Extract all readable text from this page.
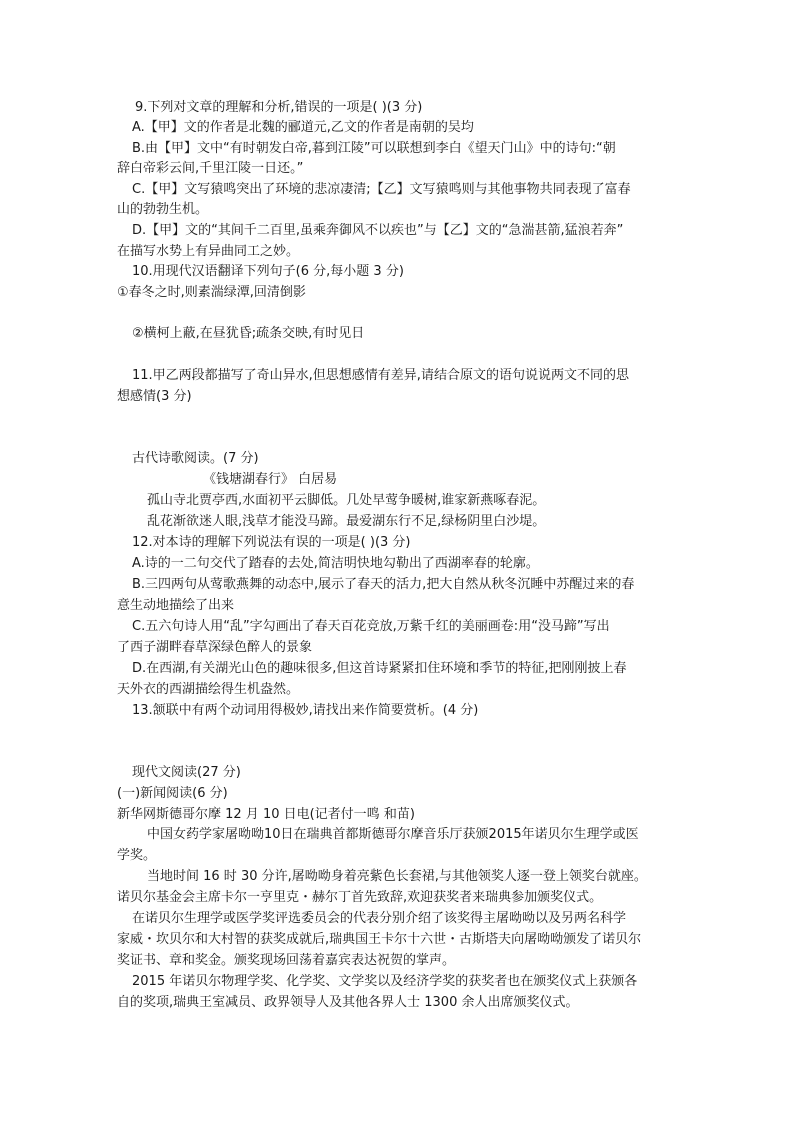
9.下列对文章的理解和分析,错误的一项是( )(3 分)
A.【甲】文的作者是北魏的郦道元,乙文的作者是南朝的吴均
B.由【甲】文中“有时朝发白帝,暮到江陵”可以联想到李白《望天门山》中的诗句:“朝
辞白帝彩云间,千里江陵一日还。”
C.【甲】文写猿鸣突出了环境的悲凉凄清;【乙】文写猿鸣则与其他事物共同表现了富春
山的勃勃生机。
D.【甲】文的“其间千二百里,虽乘奔御风不以疾也”与【乙】文的“急湍甚箭,猛浪若奔”
在描写水势上有异曲同工之妙。
10.用现代汉语翻译下列句子(6 分,每小题 3 分)
①春冬之时,则素湍绿潭,回清倒影
②横柯上蔽,在昼犹昏;疏条交映,有时见日
11.甲乙两段都描写了奇山异水,但思想感情有差异,请结合原文的语句说说两文不同的思
想感情(3 分)
古代诗歌阅读。(7 分)
《钱塘湖春行》 白居易
孤山寺北贾亭西,水面初平云脚低。几处早莺争暖树,谁家新燕啄春泥。
乱花渐欲迷人眼,浅草才能没马蹄。最爱湖东行不足,绿杨阴里白沙堤。
12.对本诗的理解下列说法有误的一项是( )(3 分)
A.诗的一二句交代了踏春的去处,简洁明快地勾勒出了西湖率春的轮廓。
B.三四两句从莺歌燕舞的动态中,展示了春天的活力,把大自然从秋冬沉睡中苏醒过来的春
意生动地描绘了出来
C.五六句诗人用“乱”字勾画出了春天百花竞放,万紫千红的美丽画卷:用“没马蹄”写出
了西子湖畔春草深绿色醉人的景象
D.在西湖,有关湖光山色的趣味很多,但这首诗紧紧扣住环境和季节的特征,把刚刚披上春
天外衣的西湖描绘得生机盎然。
13.颔联中有两个动词用得极妙,请找出来作简要赏析。(4 分)
现代文阅读(27 分)
(一)新闻阅读(6 分)
新华网斯德哥尔摩 12 月 10 日电(记者付一鸣 和苗)
中国女药学家屠呦呦10日在瑞典首都斯德哥尔摩音乐厅获颁2015年诺贝尔生理学或医
学奖。
当地时间 16 时 30 分许,屠呦呦身着亮紫色长套裙,与其他领奖人逐一登上领奖台就座。
诺贝尔基金会主席卡尔一亨里克・赫尔丁首先致辞,欢迎获奖者来瑞典参加颁奖仪式。
在诺贝尔生理学或医学奖评选委员会的代表分别介绍了该奖得主屠呦呦以及另两名科学
家威・坎贝尔和大村智的获奖成就后,瑞典国王卡尔十六世・古斯塔夫向屠呦呦颁发了诺贝尔
奖证书、章和奖金。颁奖现场回荡着嘉宾表达祝贺的掌声。
2015 年诺贝尔物理学奖、化学奖、文学奖以及经济学奖的获奖者也在颁奖仪式上获颁各
自的奖项,瑞典王室减员、政界领导人及其他各界人士 1300 余人出席颁奖仪式。
